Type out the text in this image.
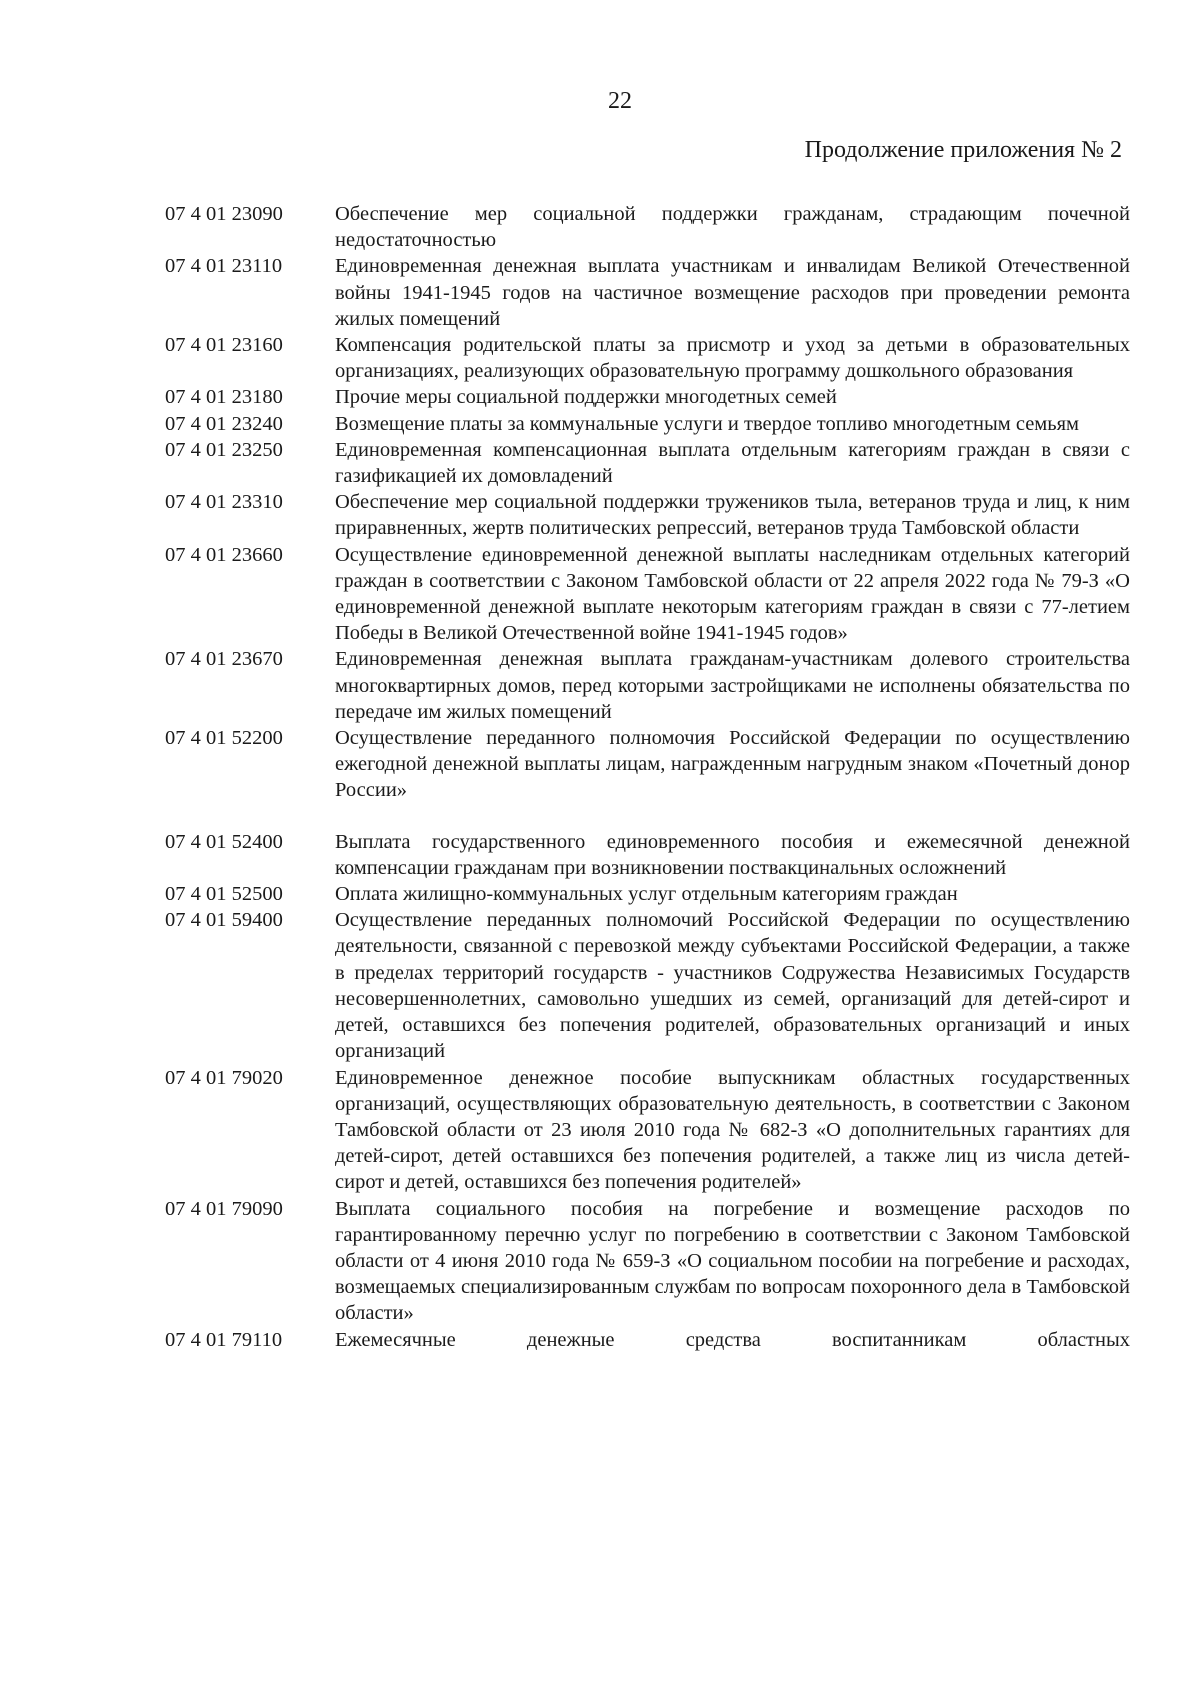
22
Продолжение приложения № 2
07 4 01 23090	Обеспечение мер социальной поддержки гражданам, страдающим почечной недостаточностью
07 4 01 23110	Единовременная денежная выплата участникам и инвалидам Великой Отечественной войны 1941-1945 годов на частичное возмещение расходов при проведении ремонта жилых помещений
07 4 01 23160	Компенсация родительской платы за присмотр и уход за детьми в образовательных организациях, реализующих образовательную программу дошкольного образования
07 4 01 23180	Прочие меры социальной поддержки многодетных семей
07 4 01 23240	Возмещение платы за коммунальные услуги и твердое топливо многодетным семьям
07 4 01 23250	Единовременная компенсационная выплата отдельным категориям граждан в связи с газификацией их домовладений
07 4 01 23310	Обеспечение мер социальной поддержки тружеников тыла, ветеранов труда и лиц, к ним приравненных, жертв политических репрессий, ветеранов труда Тамбовской области
07 4 01 23660	Осуществление единовременной денежной выплаты наследникам отдельных категорий граждан в соответствии с Законом Тамбовской области от 22 апреля 2022 года № 79-З «О единовременной денежной выплате некоторым категориям граждан в связи с 77-летием Победы в Великой Отечественной войне 1941-1945 годов»
07 4 01 23670	Единовременная денежная выплата гражданам-участникам долевого строительства многоквартирных домов, перед которыми застройщиками не исполнены обязательства по передаче им жилых помещений
07 4 01 52200	Осуществление переданного полномочия Российской Федерации по осуществлению ежегодной денежной выплаты лицам, награжденным нагрудным знаком «Почетный донор России»
07 4 01 52400	Выплата государственного единовременного пособия и ежемесячной денежной компенсации гражданам при возникновении поствакцинальных осложнений
07 4 01 52500	Оплата жилищно-коммунальных услуг отдельным категориям граждан
07 4 01 59400	Осуществление переданных полномочий Российской Федерации по осуществлению деятельности, связанной с перевозкой между субъектами Российской Федерации, а также в пределах территорий государств - участников Содружества Независимых Государств несовершеннолетних, самовольно ушедших из семей, организаций для детей-сирот и детей, оставшихся без попечения родителей, образовательных организаций и иных организаций
07 4 01 79020	Единовременное денежное пособие выпускникам областных государственных организаций, осуществляющих образовательную деятельность, в соответствии с Законом Тамбовской области от 23 июля 2010 года № 682-З «О дополнительных гарантиях для детей-сирот, детей оставшихся без попечения родителей, а также лиц из числа детей-сирот и детей, оставшихся без попечения родителей»
07 4 01 79090	Выплата социального пособия на погребение и возмещение расходов по гарантированному перечню услуг по погребению в соответствии с Законом Тамбовской области от 4 июня 2010 года № 659-З «О социальном пособии на погребение и расходах, возмещаемых специализированным службам по вопросам похоронного дела в Тамбовской области»
07 4 01 79110	Ежемесячные денежные средства воспитанникам областных
